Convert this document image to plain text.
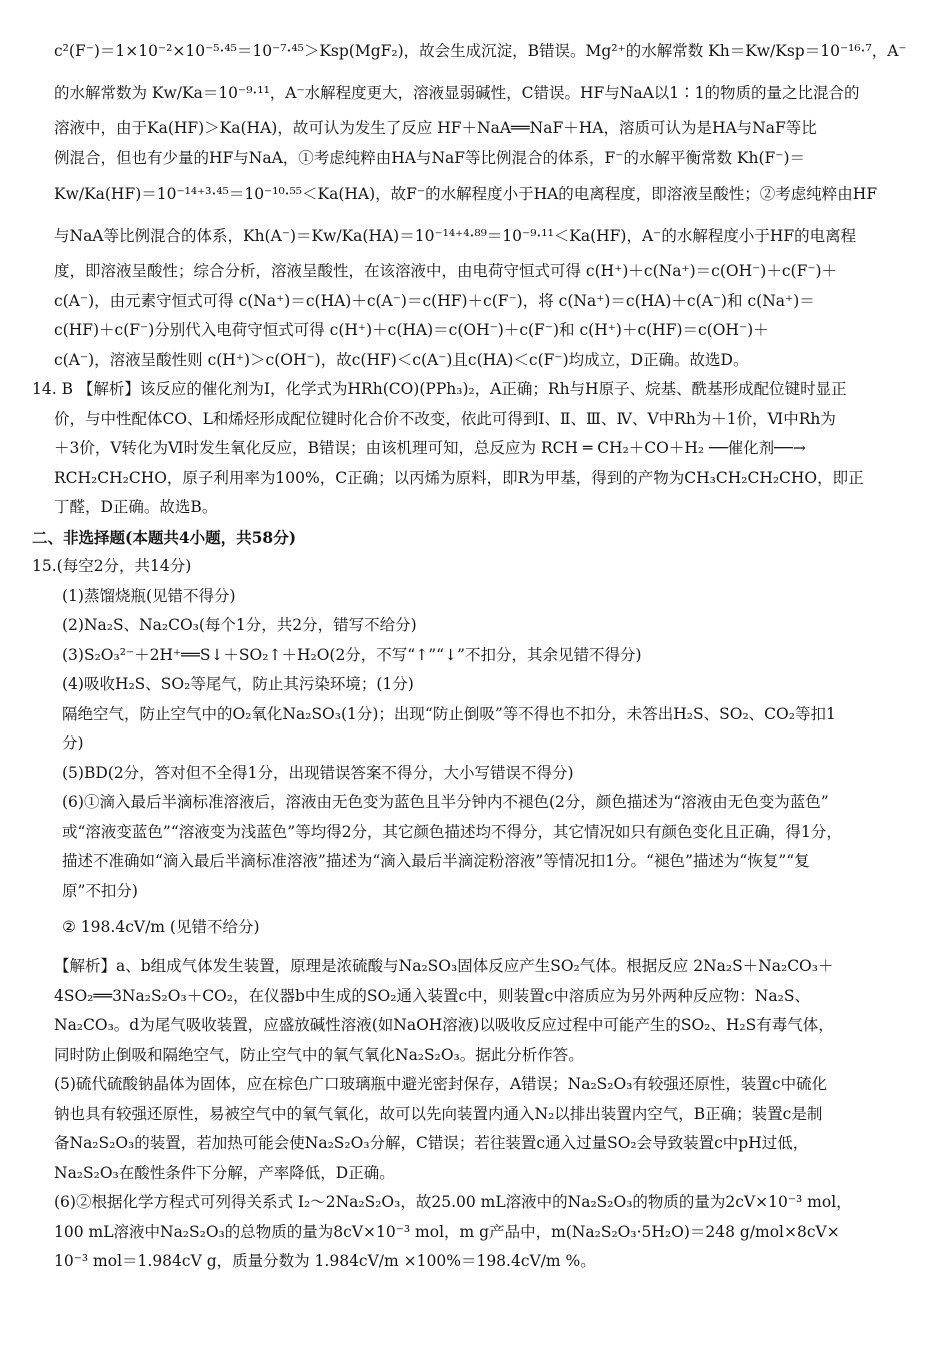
c²(F⁻)＝1×10⁻²×10⁻⁵·⁴⁵＝10⁻⁷·⁴⁵＞Ksp(MgF₂)，故会生成沉淀，B错误。Mg²⁺的水解常数 Kh＝Kw/Ksp＝10⁻¹⁶·⁷，A⁻
的水解常数为 Kw/Ka＝10⁻⁹·¹¹，A⁻水解程度更大，溶液显弱碱性，C错误。HF与NaA以1∶1的物质的量之比混合的
溶液中，由于Ka(HF)＞Ka(HA)，故可认为发生了反应 HF＋NaA══NaF＋HA，溶质可认为是HA与NaF等比
例混合，但也有少量的HF与NaA，①考虑纯粹由HA与NaF等比例混合的体系，F⁻的水解平衡常数 Kh(F⁻)＝
Kw/Ka(HF)＝10⁻¹⁴⁺³·⁴⁵＝10⁻¹⁰·⁵⁵＜Ka(HA)，故F⁻的水解程度小于HA的电离程度，即溶液呈酸性；②考虑纯粹由HF
与NaA等比例混合的体系，Kh(A⁻)＝Kw/Ka(HA)＝10⁻¹⁴⁺⁴·⁸⁹＝10⁻⁹·¹¹＜Ka(HF)，A⁻的水解程度小于HF的电离程
度，即溶液呈酸性；综合分析，溶液呈酸性，在该溶液中，由电荷守恒式可得 c(H⁺)＋c(Na⁺)＝c(OH⁻)＋c(F⁻)＋
c(A⁻)，由元素守恒式可得 c(Na⁺)＝c(HA)＋c(A⁻)＝c(HF)＋c(F⁻)，将 c(Na⁺)＝c(HA)＋c(A⁻)和 c(Na⁺)＝
c(HF)＋c(F⁻)分别代入电荷守恒式可得 c(H⁺)＋c(HA)＝c(OH⁻)＋c(F⁻)和 c(H⁺)＋c(HF)＝c(OH⁻)＋
c(A⁻)，溶液呈酸性则 c(H⁺)＞c(OH⁻)，故c(HF)＜c(A⁻)且c(HA)＜c(F⁻)均成立，D正确。故选D。
14. B 【解析】该反应的催化剂为Ⅰ，化学式为HRh(CO)(PPh₃)₂，A正确；Rh与H原子、烷基、酰基形成配位键时显正
价，与中性配体CO、L和烯烃形成配位键时化合价不改变，依此可得到Ⅰ、Ⅱ、Ⅲ、Ⅳ、Ⅴ中Rh为＋1价，Ⅵ中Rh为
＋3价，Ⅴ转化为Ⅵ时发生氧化反应，B错误；由该机理可知，总反应为 RCH ═ CH₂＋CO＋H₂ ──催化剂──→
RCH₂CH₂CHO，原子利用率为100%，C正确；以丙烯为原料，即R为甲基，得到的产物为CH₃CH₂CH₂CHO，即正
丁醛，D正确。故选B。
二、非选择题(本题共4小题，共58分)
15.(每空2分，共14分)
(1)蒸馏烧瓶(见错不得分)
(2)Na₂S、Na₂CO₃(每个1分，共2分，错写不给分)
(3)S₂O₃²⁻＋2H⁺══S↓＋SO₂↑＋H₂O(2分，不写“↑”“↓”不扣分，其余见错不得分)
(4)吸收H₂S、SO₂等尾气，防止其污染环境；(1分)
隔绝空气，防止空气中的O₂氧化Na₂SO₃(1分)；出现“防止倒吸”等不得也不扣分，未答出H₂S、SO₂、CO₂等扣1
分)
(5)BD(2分，答对但不全得1分，出现错误答案不得分，大小写错误不得分)
(6)①滴入最后半滴标准溶液后，溶液由无色变为蓝色且半分钟内不褪色(2分，颜色描述为“溶液由无色变为蓝色”
或“溶液变蓝色”“溶液变为浅蓝色”等均得2分，其它颜色描述均不得分，其它情况如只有颜色变化且正确，得1分，
描述不准确如“滴入最后半滴标准溶液”描述为“滴入最后半滴淀粉溶液”等情况扣1分。“褪色”描述为“恢复”“复
原”不扣分)
② 198.4cV/m (见错不给分)
【解析】a、b组成气体发生装置，原理是浓硫酸与Na₂SO₃固体反应产生SO₂气体。根据反应 2Na₂S＋Na₂CO₃＋
4SO₂══3Na₂S₂O₃＋CO₂，在仪器b中生成的SO₂通入装置c中，则装置c中溶质应为另外两种反应物：Na₂S、
Na₂CO₃。d为尾气吸收装置，应盛放碱性溶液(如NaOH溶液)以吸收反应过程中可能产生的SO₂、H₂S有毒气体，
同时防止倒吸和隔绝空气，防止空气中的氧气氧化Na₂S₂O₃。据此分析作答。
(5)硫代硫酸钠晶体为固体，应在棕色广口玻璃瓶中避光密封保存，A错误；Na₂S₂O₃有较强还原性，装置c中硫化
钠也具有较强还原性，易被空气中的氧气氧化，故可以先向装置内通入N₂以排出装置内空气，B正确；装置c是制
备Na₂S₂O₃的装置，若加热可能会使Na₂S₂O₃分解，C错误；若往装置c通入过量SO₂会导致装置c中pH过低，
Na₂S₂O₃在酸性条件下分解，产率降低，D正确。
(6)②根据化学方程式可列得关系式 I₂～2Na₂S₂O₃，故25.00 mL溶液中的Na₂S₂O₃的物质的量为2cV×10⁻³ mol，
100 mL溶液中Na₂S₂O₃的总物质的量为8cV×10⁻³ mol，m g产品中，m(Na₂S₂O₃·5H₂O)＝248 g/mol×8cV×
10⁻³ mol＝1.984cV g，质量分数为 1.984cV/m ×100%＝198.4cV/m %。
